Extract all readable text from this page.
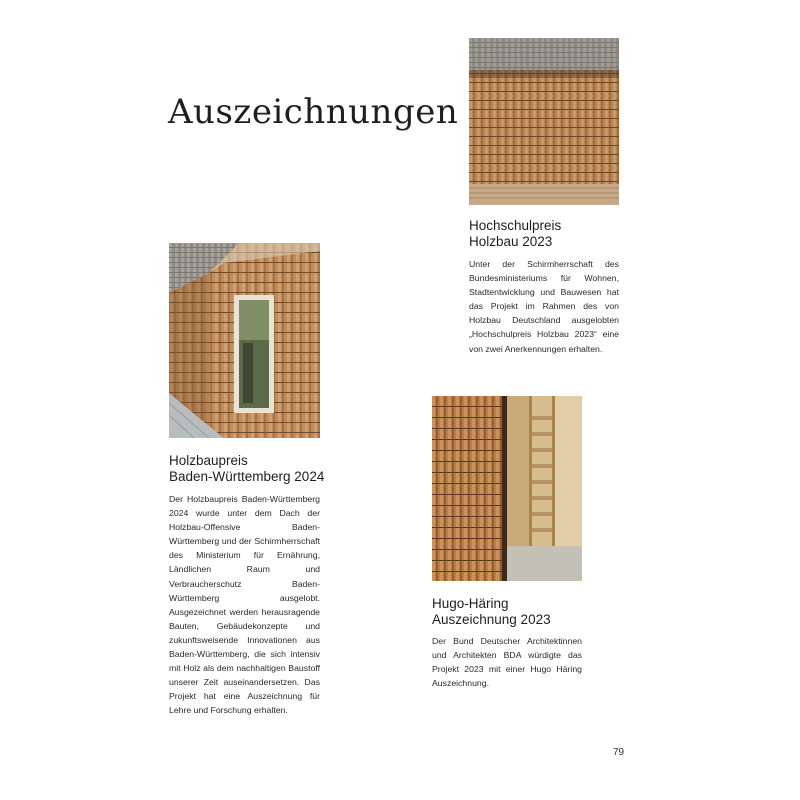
Auszeichnungen
Hochschulpreis
Holzbau 2023

Unter der Schirmherrschaft des Bundesministeriums für Wohnen, Stadtentwicklung und Bauwesen hat das Projekt im Rahmen des von Holzbau Deutschland ausgelobten „Hochschulpreis Holzbau 2023“ eine von zwei Anerkennungen erhalten.

Holzbaupreis
Baden-Württemberg 2024

Der Holzbaupreis Baden-Württemberg 2024 wurde unter dem Dach der Holzbau-Offensive Baden-Württemberg und der Schirmherrschaft des Ministerium für Ernährung, Ländlichen Raum und Verbraucherschutz Baden-Württemberg ausgelobt. Ausgezeichnet werden herausragende Bauten, Gebäudekonzepte und zukunftsweisende Innovationen aus Baden-Württemberg, die sich intensiv mit Holz als dem nachhaltigen Baustoff unserer Zeit auseinandersetzen. Das Projekt hat eine Auszeichnung für Lehre und Forschung erhalten.

Hugo-Häring
Auszeichnung 2023

Der Bund Deutscher Architektinnen und Architekten BDA würdigte das Projekt 2023 mit einer Hugo Häring Auszeichnung.

79
